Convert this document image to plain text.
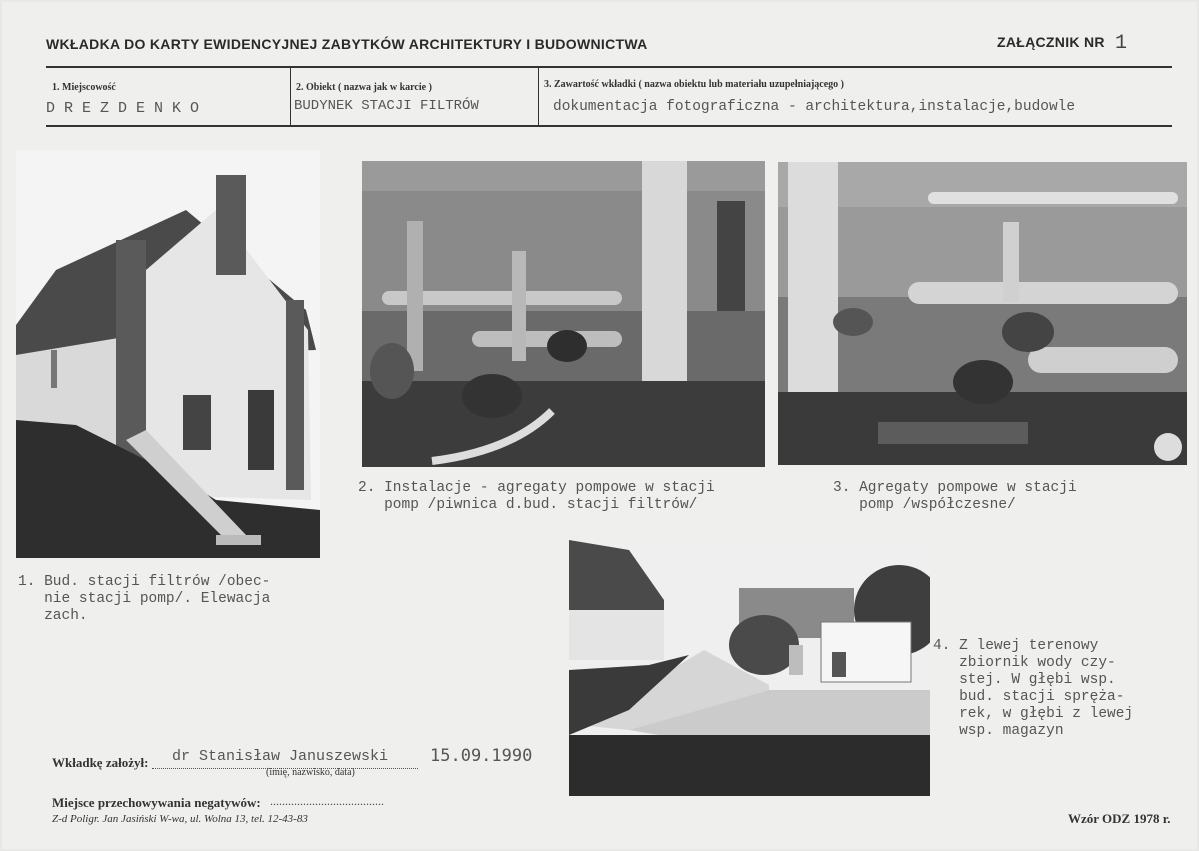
WKŁADKA DO KARTY EWIDENCYJNEJ ZABYTKÓW ARCHITEKTURY I BUDOWNICTWA	ZAŁĄCZNIK NR 1
1. Miejscowość
D R E Z D E N K O
2. Obiekt ( nazwa jak w karcie )
BUDYNEK STACJI FILTRÓW
3. Zawartość wkładki ( nazwa obiektu lub materiału uzupełniającego )
dokumentacja fotograficzna - architektura,instalacje,budowle
1. Bud. stacji filtrów /obec-
nie stacji pomp/. Elewacja
zach.
2. Instalacje - agregaty pompowe w stacji
pomp /piwnica d.bud. stacji filtrów/
3. Agregaty pompowe w stacji
pomp /współczesne/
4. Z lewej terenowy
zbiornik wody czy-
stej. W głębi wsp.
bud. stacji spręża-
rek, w głębi z lewej
wsp. magazyn
Wkładkę założył: dr Stanisław Januszewski 15.09.1990
(imię, nazwisko, data)
Miejsce przechowywania negatywów: ......................................
Z-d Poligr. Jan Jasiński W-wa, ul. Wolna 13, tel. 12-43-83	Wzór ODZ 1978 r.
